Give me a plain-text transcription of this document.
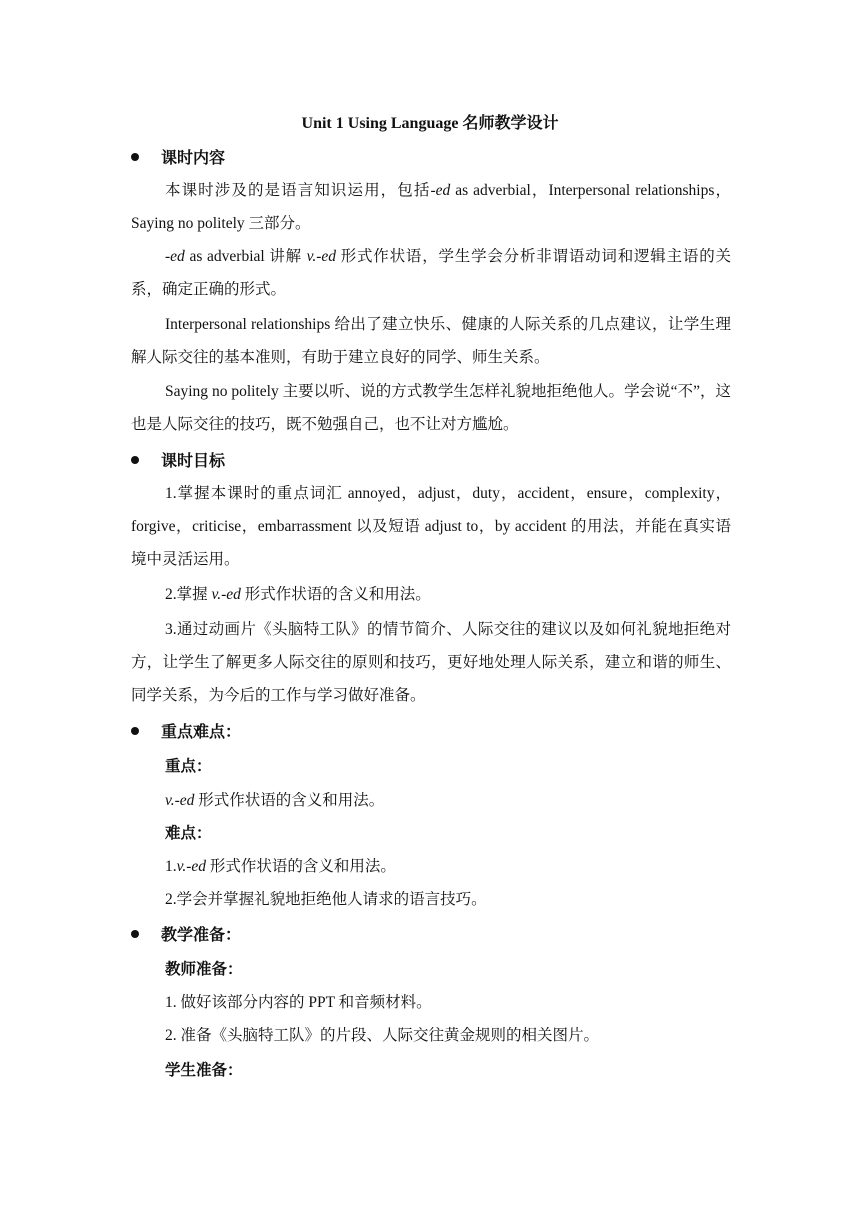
Unit 1 Using Language 名师教学设计
课时内容
本课时涉及的是语言知识运用，包括-ed as adverbial，Interpersonal relationships，Saying no politely 三部分。
-ed as adverbial 讲解 v.-ed 形式作状语，学生学会分析非谓语动词和逻辑主语的关系，确定正确的形式。
Interpersonal relationships 给出了建立快乐、健康的人际关系的几点建议，让学生理解人际交往的基本准则，有助于建立良好的同学、师生关系。
Saying no politely 主要以听、说的方式教学生怎样礼貌地拒绝他人。学会说“不”，这也是人际交往的技巧，既不勉强自己，也不让对方尴尬。
课时目标
1.掌握本课时的重点词汇 annoyed，adjust，duty，accident，ensure，complexity，forgive，criticise，embarrassment 以及短语 adjust to，by accident 的用法，并能在真实语境中灵活运用。
2.掌握 v.-ed 形式作状语的含义和用法。
3.通过动画片《头脑特工队》的情节简介、人际交往的建议以及如何礼貌地拒绝对方，让学生了解更多人际交往的原则和技巧，更好地处理人际关系，建立和谐的师生、同学关系，为今后的工作与学习做好准备。
重点难点：
重点：
v.-ed 形式作状语的含义和用法。
难点：
1.v.-ed 形式作状语的含义和用法。
2.学会并掌握礼貌地拒绝他人请求的语言技巧。
教学准备：
教师准备：
1. 做好该部分内容的 PPT 和音频材料。
2. 准备《头脑特工队》的片段、人际交往黄金规则的相关图片。
学生准备：
